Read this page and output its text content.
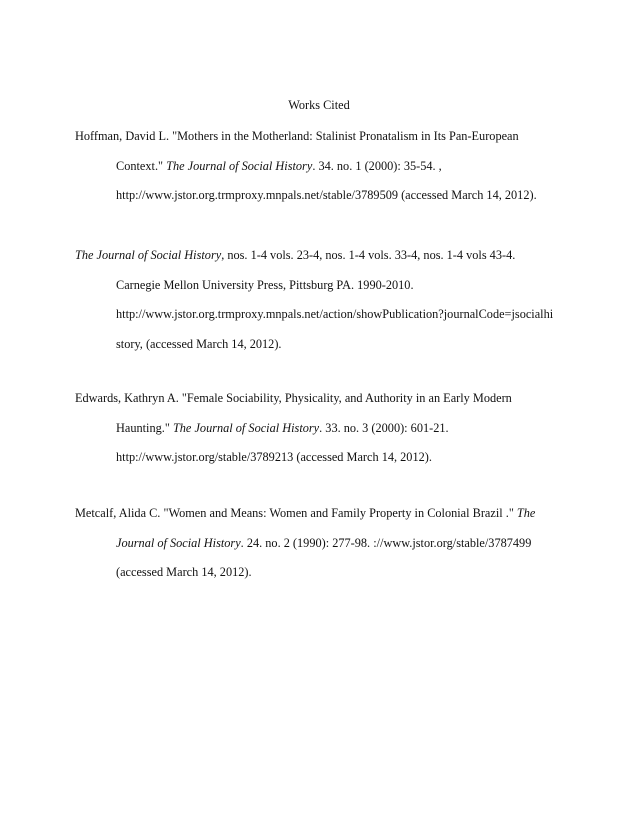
Works Cited
Hoffman, David L. "Mothers in the Motherland: Stalinist Pronatalism in Its Pan-European
Context." The Journal of Social History. 34. no. 1 (2000): 35-54. ,
http://www.jstor.org.trmproxy.mnpals.net/stable/3789509 (accessed March 14, 2012).
The Journal of Social History, nos. 1-4 vols. 23-4, nos. 1-4 vols. 33-4, nos. 1-4 vols 43-4.
Carnegie Mellon University Press, Pittsburg PA. 1990-2010.
http://www.jstor.org.trmproxy.mnpals.net/action/showPublication?journalCode=jsocialhi
story, (accessed March 14, 2012).
Edwards, Kathryn A. "Female Sociability, Physicality, and Authority in an Early Modern
Haunting." The Journal of Social History. 33. no. 3 (2000): 601-21.
http://www.jstor.org/stable/3789213 (accessed March 14, 2012).
Metcalf, Alida C. "Women and Means: Women and Family Property in Colonial Brazil ." The
Journal of Social History. 24. no. 2 (1990): 277-98. ://www.jstor.org/stable/3787499
(accessed March 14, 2012).
